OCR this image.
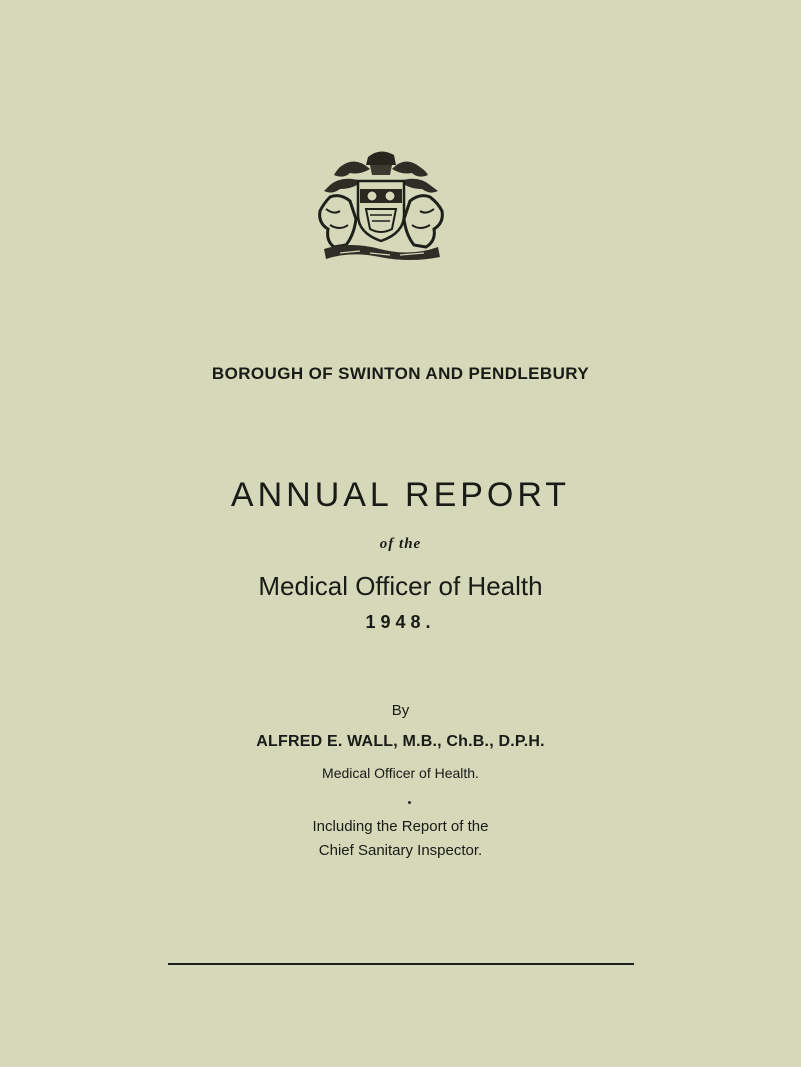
BOROUGH OF SWINTON AND PENDLEBURY
ANNUAL REPORT
of the
Medical Officer of Health
1948.
By
ALFRED E. WALL, M.B., Ch.B., D.P.H.
Medical Officer of Health.
Including the Report of the
Chief Sanitary Inspector.
